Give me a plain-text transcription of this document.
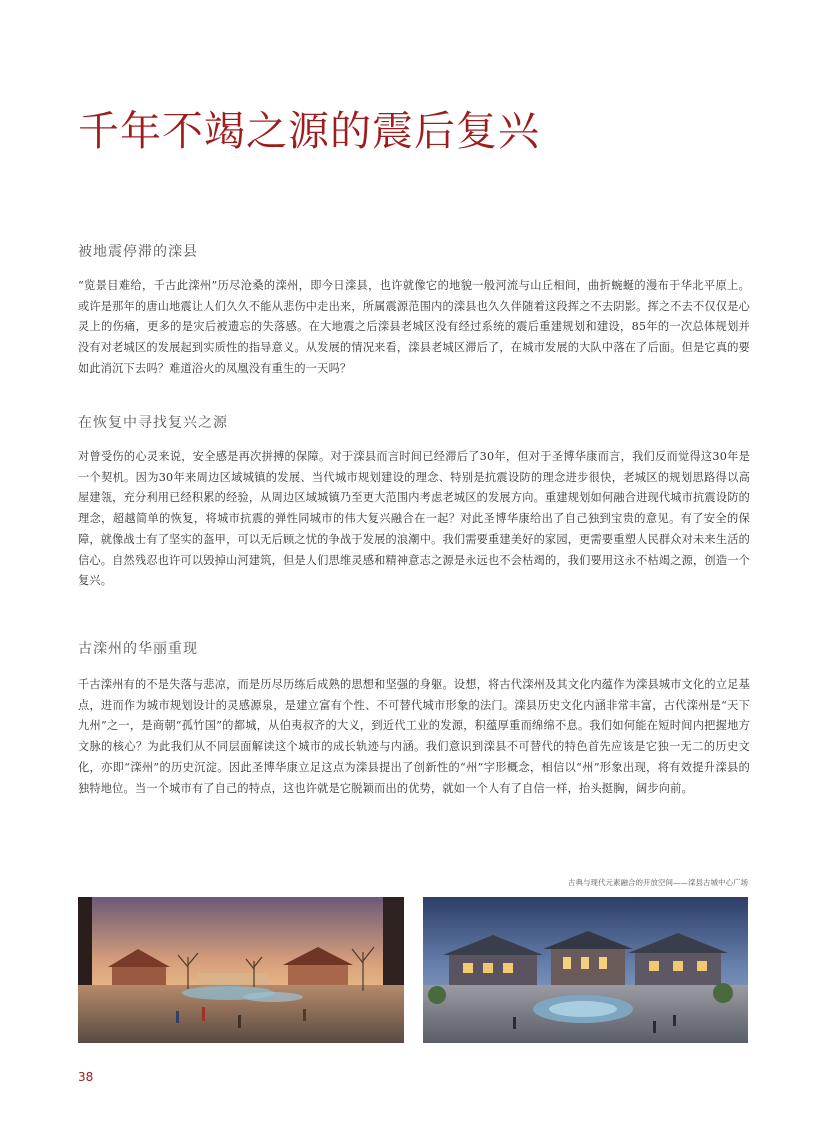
千年不竭之源的震后复兴
被地震停滞的滦县

“览景目难给，千古此滦州”历尽沧桑的滦州，即今日滦县，也许就像它的地貌一般河流与山丘相间，曲折蜿蜒的漫布于华北平原上。或许是那年的唐山地震让人们久久不能从悲伤中走出来，所属震源范围内的滦县也久久伴随着这段挥之不去阴影。挥之不去不仅仅是心灵上的伤痛，更多的是灾后被遗忘的失落感。在大地震之后滦县老城区没有经过系统的震后重建规划和建设，85年的一次总体规划并没有对老城区的发展起到实质性的指导意义。从发展的情况来看，滦县老城区滞后了，在城市发展的大队中落在了后面。但是它真的要如此消沉下去吗？难道浴火的凤凰没有重生的一天吗？

在恢复中寻找复兴之源

对曾受伤的心灵来说，安全感是再次拼搏的保障。对于滦县而言时间已经滞后了30年，但对于圣博华康而言，我们反而觉得这30年是一个契机。因为30年来周边区域城镇的发展、当代城市规划建设的理念、特别是抗震设防的理念进步很快，老城区的规划思路得以高屋建瓴，充分利用已经积累的经验，从周边区域城镇乃至更大范围内考虑老城区的发展方向。重建规划如何融合进现代城市抗震设防的理念，超越简单的恢复，将城市抗震的弹性同城市的伟大复兴融合在一起？对此圣博华康给出了自己独到宝贵的意见。有了安全的保障，就像战士有了坚实的盔甲，可以无后顾之忧的争战于发展的浪潮中。我们需要重建美好的家园，更需要重塑人民群众对未来生活的信心。自然残忍也许可以毁掉山河建筑，但是人们思维灵感和精神意志之源是永远也不会枯竭的，我们要用这永不枯竭之源，创造一个复兴。

古滦州的华丽重现

千古滦州有的不是失落与悲凉，而是历尽历练后成熟的思想和坚强的身躯。设想，将古代滦州及其文化内蕴作为滦县城市文化的立足基点，进而作为城市规划设计的灵感源泉，是建立富有个性、不可替代城市形象的法门。滦县历史文化内涵非常丰富，古代滦州是“天下九州”之一，是商朝“孤竹国”的都城，从伯夷叔齐的大义，到近代工业的发源，积蕴厚重而绵绵不息。我们如何能在短时间内把握地方文脉的核心？为此我们从不同层面解读这个城市的成长轨迹与内涵。我们意识到滦县不可替代的特色首先应该是它独一无二的历史文化，亦即“滦州”的历史沉淀。因此圣博华康立足这点为滦县提出了创新性的“州”字形概念，相信以“州”形象出现，将有效提升滦县的独特地位。当一个城市有了自己的特点，这也许就是它脱颖而出的优势，就如一个人有了自信一样，抬头挺胸，阔步向前。

古典与现代元素融合的开放空间——滦县古城中心广场
38
